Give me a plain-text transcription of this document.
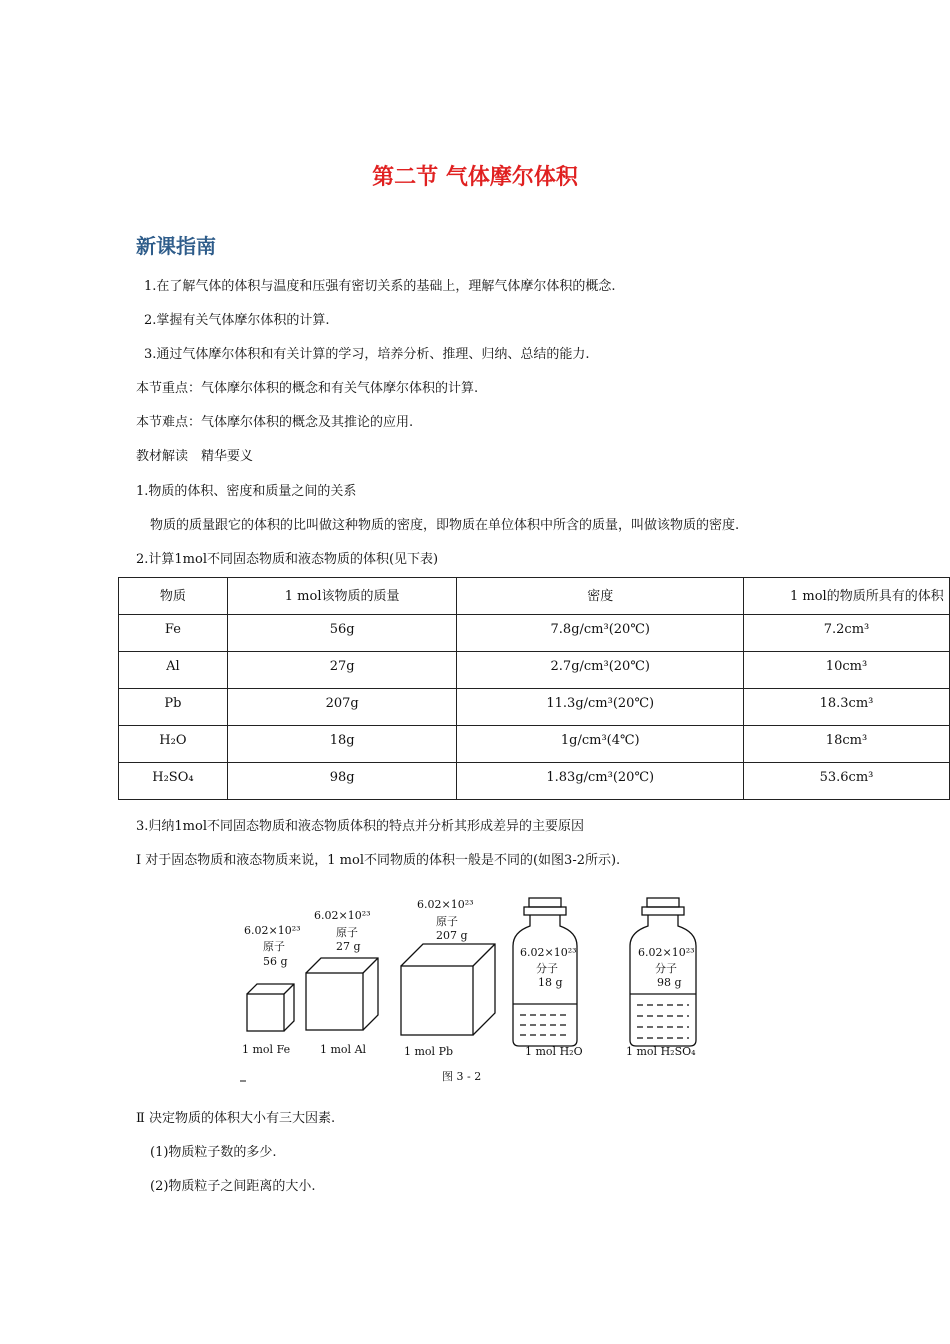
第二节 气体摩尔体积
新课指南
1.在了解气体的体积与温度和压强有密切关系的基础上，理解气体摩尔体积的概念.
2.掌握有关气体摩尔体积的计算.
3.通过气体摩尔体积和有关计算的学习，培养分析、推理、归纳、总结的能力.
本节重点：气体摩尔体积的概念和有关气体摩尔体积的计算.
本节难点：气体摩尔体积的概念及其推论的应用.
教材解读　精华要义
1.物质的体积、密度和质量之间的关系
物质的质量跟它的体积的比叫做这种物质的密度，即物质在单位体积中所含的质量，叫做该物质的密度.
2.计算1mol不同固态物质和液态物质的体积(见下表)
物质	1 mol该物质的质量	密度	1 mol的物质所具有的体积
Fe	56g	7.8g/cm³(20℃)	7.2cm³
Al	27g	2.7g/cm³(20℃)	10cm³
Pb	207g	11.3g/cm³(20℃)	18.3cm³
H₂O	18g	1g/cm³(4℃)	18cm³
H₂SO₄	98g	1.83g/cm³(20℃)	53.6cm³
3.归纳1mol不同固态物质和液态物质体积的特点并分析其形成差异的主要原因
Ⅰ 对于固态物质和液态物质来说，1 mol不同物质的体积一般是不同的(如图3-2所示).
6.02×10²³
原子
56 g
1 mol Fe
6.02×10²³
原子
27 g
1 mol Al
6.02×10²³
原子
207 g
1 mol Pb
6.02×10²³
分子
18 g
1 mol H₂O
6.02×10²³
分子
98 g
1 mol H₂SO₄
图 3 - 2
Ⅱ 决定物质的体积大小有三大因素.
(1)物质粒子数的多少.
(2)物质粒子之间距离的大小.
